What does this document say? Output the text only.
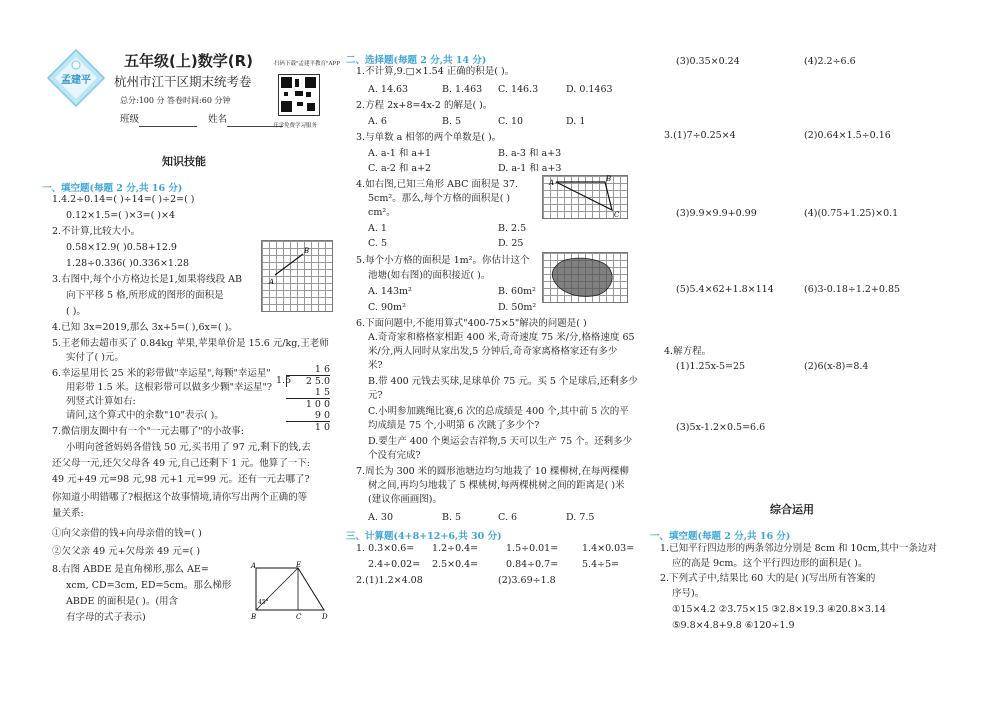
孟建平
五年级(上)数学(R)
杭州市江干区期末统考卷
总分:100 分 答卷时间:60 分钟
班级	姓名
扫码下载"孟建平教育"APP
开学免费学习服务
知识技能
一、填空题(每题 2 分,共 16 分)
1.4.2÷0.14=( )÷14=( )÷2=( )
0.12×1.5=( )×3=( )×4
2.不计算,比较大小。
0.58×12.9( )0.58+12.9
1.28÷0.336( )0.336×1.28
3.右图中,每个小方格边长是1,如果将线段 AB
向下平移 5 格,所形成的图形的面积是
( )。
A
B
4.已知 3x=2019,那么 3x+5=( ),6x=( )。
5.王老师去超市买了 0.84kg 苹果,苹果单价是 15.6 元/kg,王老师
实付了( )元。
6.幸运星用长 25 米的彩带做"幸运星",每颗"幸运星"
用彩带 1.5 米。这根彩带可以做多少颗"幸运星"?
列竖式计算如右:
请问,这个算式中的余数"10"表示( )。
1 6
1.5	2 5.0
1 5
1 0 0
9 0
1 0
7.微信朋友圈中有一个"一元去哪了"的小故事:
小明向爸爸妈妈各借钱 50 元,买书用了 97 元,剩下的钱,去
还父母一元,还欠父母各 49 元,自己还剩下 1 元。他算了一下:
49 元+49 元=98 元,98 元+1 元=99 元。还有一元去哪了?
你知道小明错哪了?根据这个故事情境,请你写出两个正确的等
量关系:
①向父亲借的钱+向母亲借的钱=( )
②欠父亲 49 元+欠母亲 49 元=( )
8.右图 ABDE 是直角梯形,那么 AE=
xcm, CD=3cm, ED=5cm。那么梯形
ABDE 的面积是( )。(用含
有字母的式子表示)
A	E
B	C	D
45°
二、选择题(每题 2 分,共 14 分)
1.不计算,9.□×1.54 正确的积是( )。
A. 14.63	B. 1.463 C. 146.3	D. 0.1463
2.方程 2x+8=4x-2 的解是( )。
A. 6	B. 5	C. 10	D. 1
3.与单数 a 相邻的两个单数是( )。
A. a-1 和 a+1	B. a-3 和 a+3
C. a-2 和 a+2	D. a-1 和 a+3
4.如右图,已知三角形 ABC 面积是 37.
5cm²。那么,每个方格的面积是( )
cm²。
A. 1	B. 2.5
C. 5	D. 25
A	B
C
5.每个小方格的面积是 1m²。你估计这个
池塘(如右图)的面积接近( )。
A. 143m²	B. 60m²
C. 90m²	D. 50m²
6.下面问题中,不能用算式"400-75×5"解决的问题是( )
A.奇奇家和格格家相距 400 米,奇奇速度 75 米/分,格格速度 65
米/分,两人同时从家出发,5 分钟后,奇奇家离格格家还有多少
米?
B.带 400 元钱去买球,足球单价 75 元。买 5 个足球后,还剩多少
元?
C.小明参加跳绳比赛,6 次的总成绩是 400 个,其中前 5 次的平
均成绩是 75 个,小明第 6 次跳了多少个?
D.要生产 400 个奥运会吉祥物,5 天可以生产 75 个。还剩多少
个没有完成?
7.周长为 300 米的圆形池塘边均匀地栽了 10 棵柳树,在每两棵柳
树之间,再均匀地栽了 5 棵桃树,每两棵桃树之间的距离是( )米
(建议你画画图)。
A. 30	B. 5	C. 6	D. 7.5
三、计算题(4+8+12+6,共 30 分)
1. 0.3×0.6= 1.2÷0.4=	1.5÷0.01=	1.4×0.03=
2.4÷0.02= 2.5×0.4=	0.84÷0.7=	5.4÷5=
2.(1)1.2×4.08	(2)3.69÷1.8
(3)0.35×0.24	(4)2.2÷6.6
3.(1)7÷0.25×4	(2)0.64×1.5÷0.16
(3)9.9×9.9+0.99	(4)(0.75+1.25)×0.1
(5)5.4×62+1.8×114	(6)3-0.18÷1.2+0.85
4.解方程。
(1)1.25x-5=25	(2)6(x-8)=8.4
(3)5x-1.2×0.5=6.6
综合运用
一、填空题(每题 2 分,共 16 分)
1.已知平行四边形的两条邻边分别是 8cm 和 10cm,其中一条边对
应的高是 9cm。这个平行四边形的面积是( )。
2.下列式子中,结果比 60 大的是( )(写出所有答案的
序号)。
①15×4.2 ②3.75×15 ③2.8×19.3 ④20.8×3.14
⑤9.8×4.8+9.8 ⑥120÷1.9
